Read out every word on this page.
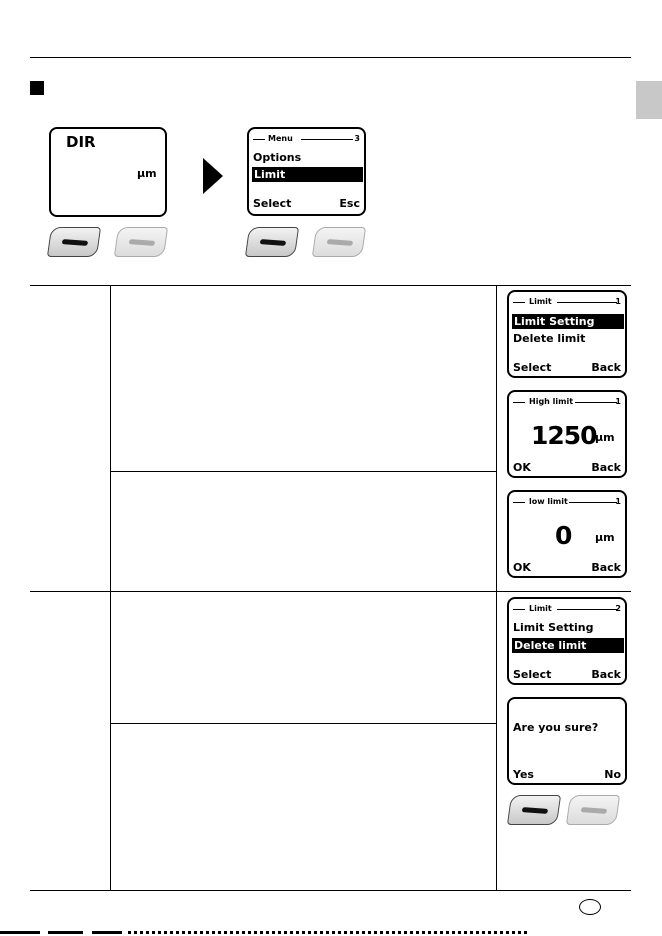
DIR
µm
Menu	3
Options
Limit
Select	Esc
Limit	1
Limit Setting
Delete limit
Select	Back
High limit	1
1250
µm
OK	Back
low limit	1
0 µm
OK	Back
Limit	2
Limit Setting
Delete limit
Select	Back
Are you sure?
Yes	No
